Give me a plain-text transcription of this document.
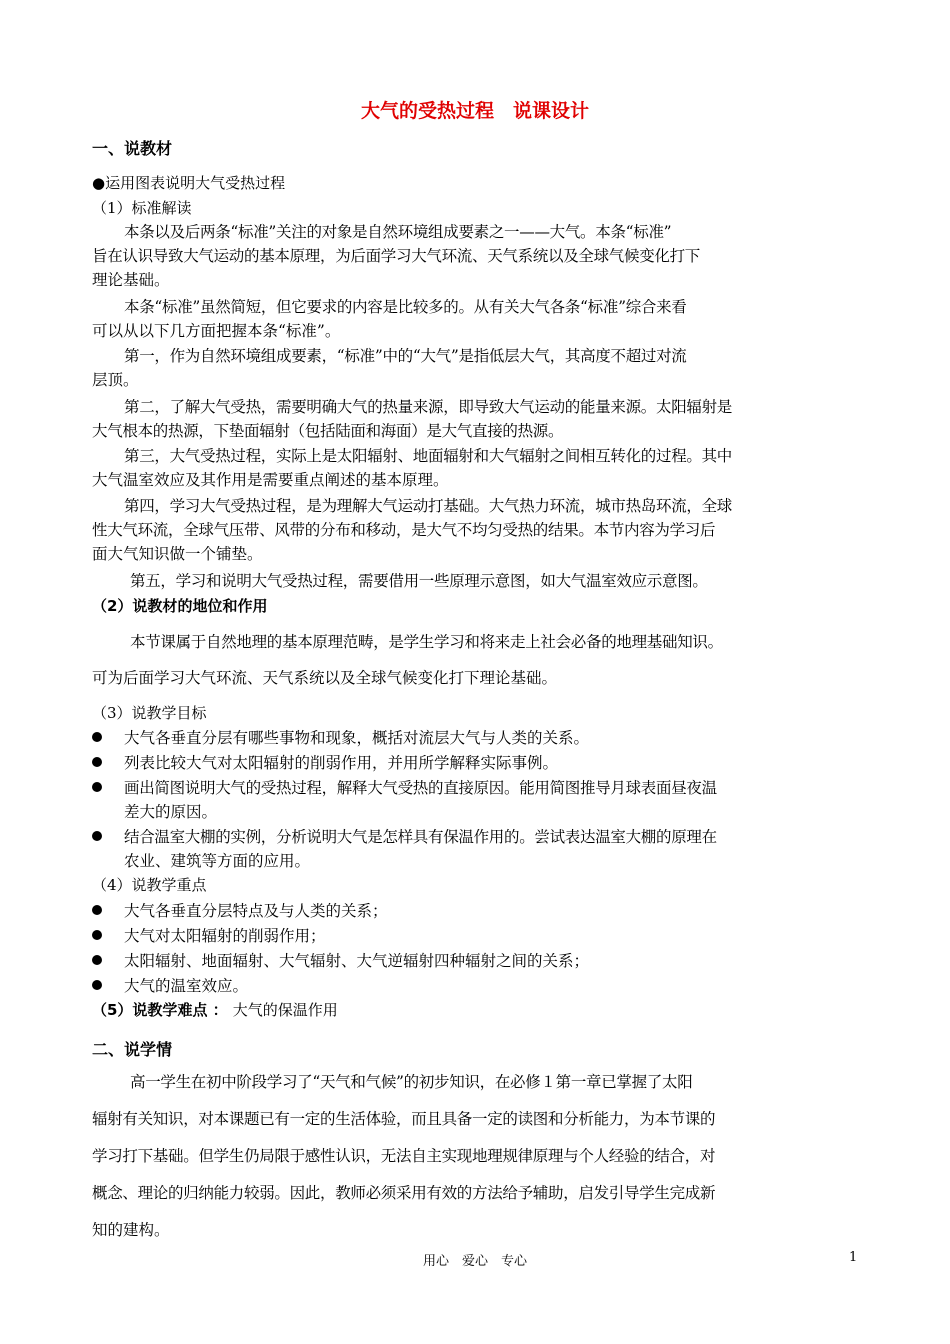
大气的受热过程　说课设计
一、说教材
●运用图表说明大气受热过程
（1）标准解读
本条以及后两条“标准”关注的对象是自然环境组成要素之一——大气。本条“标准”
旨在认识导致大气运动的基本原理，为后面学习大气环流、天气系统以及全球气候变化打下
理论基础。
本条“标准”虽然简短，但它要求的内容是比较多的。从有关大气各条“标准”综合来看
可以从以下几方面把握本条“标准”。
第一，作为自然环境组成要素，“标准”中的“大气”是指低层大气，其高度不超过对流
层顶。
第二，了解大气受热，需要明确大气的热量来源，即导致大气运动的能量来源。太阳辐射是
大气根本的热源，下垫面辐射（包括陆面和海面）是大气直接的热源。
第三，大气受热过程，实际上是太阳辐射、地面辐射和大气辐射之间相互转化的过程。其中
大气温室效应及其作用是需要重点阐述的基本原理。
第四，学习大气受热过程，是为理解大气运动打基础。大气热力环流，城市热岛环流，全球
性大气环流，全球气压带、风带的分布和移动，是大气不均匀受热的结果。本节内容为学习后
面大气知识做一个铺垫。
第五，学习和说明大气受热过程，需要借用一些原理示意图，如大气温室效应示意图。
（2）说教材的地位和作用
本节课属于自然地理的基本原理范畴，是学生学习和将来走上社会必备的地理基础知识。
可为后面学习大气环流、天气系统以及全球气候变化打下理论基础。
（3）说教学目标
大气各垂直分层有哪些事物和现象，概括对流层大气与人类的关系。
列表比较大气对太阳辐射的削弱作用，并用所学解释实际事例。
画出简图说明大气的受热过程，解释大气受热的直接原因。能用简图推导月球表面昼夜温
差大的原因。
结合温室大棚的实例，分析说明大气是怎样具有保温作用的。尝试表达温室大棚的原理在
农业、建筑等方面的应用。
（4）说教学重点
大气各垂直分层特点及与人类的关系；
大气对太阳辐射的削弱作用；
太阳辐射、地面辐射、大气辐射、大气逆辐射四种辐射之间的关系；
大气的温室效应。
（5）说教学难点 ： 大气的保温作用
二、说学情
高一学生在初中阶段学习了“天气和气候”的初步知识，在必修１第一章已掌握了太阳
辐射有关知识，对本课题已有一定的生活体验，而且具备一定的读图和分析能力，为本节课的
学习打下基础。但学生仍局限于感性认识，无法自主实现地理规律原理与个人经验的结合，对
概念、理论的归纳能力较弱。因此，教师必须采用有效的方法给予辅助，启发引导学生完成新
知的建构。
用心　爱心　专心	1
